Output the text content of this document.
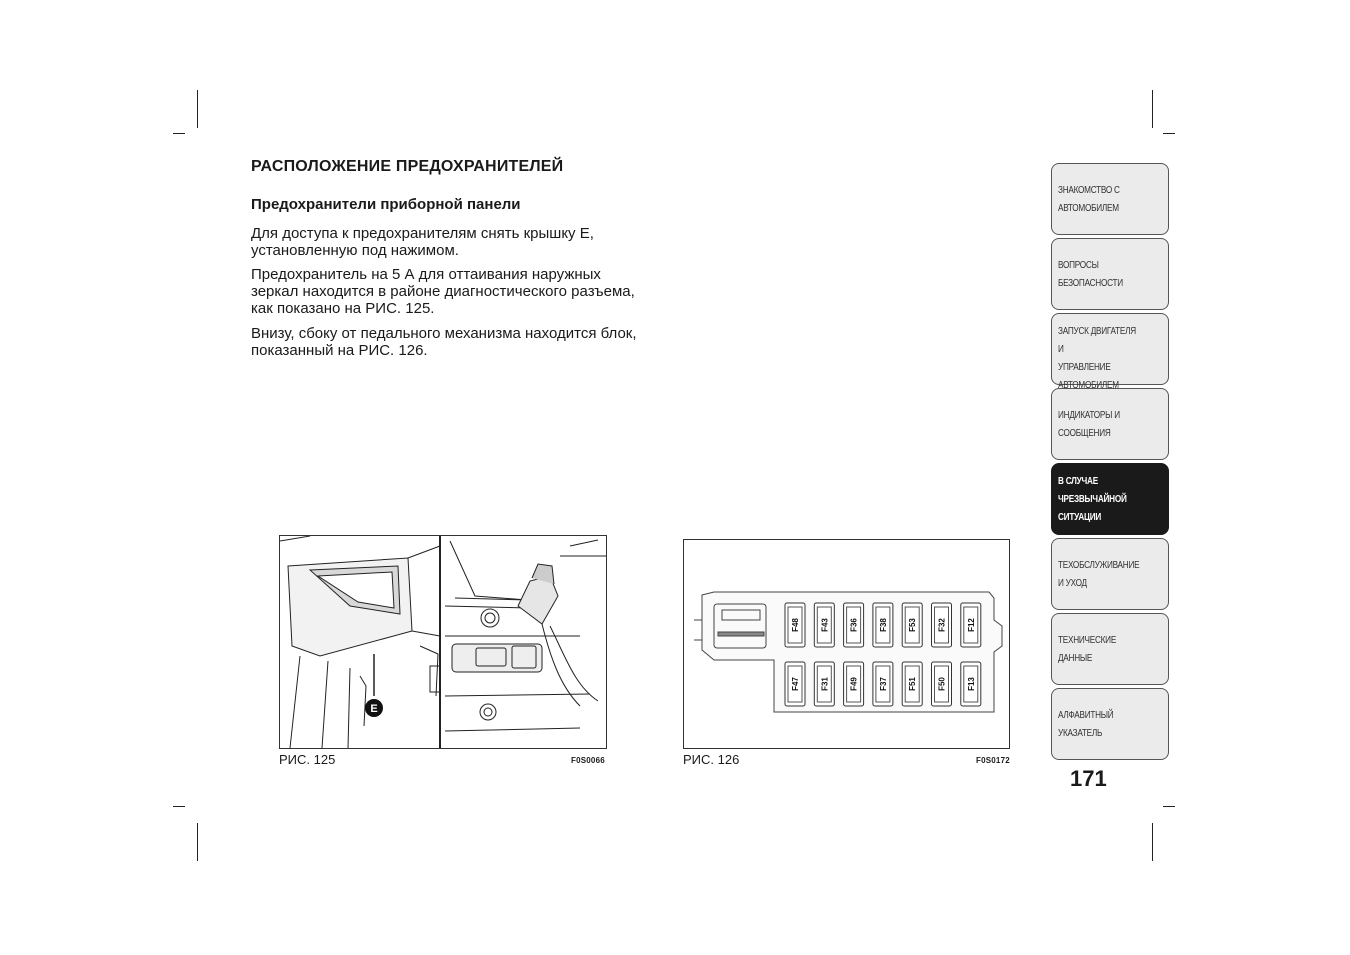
РАСПОЛОЖЕНИЕ ПРЕДОХРАНИТЕЛЕЙ
Предохранители приборной панели

Для доступа к предохранителям снять крышку Е, установленную под нажимом.

Предохранитель на 5 А для оттаивания наружных зеркал находится в районе диагностического разъема, как показано на РИС. 125.

Внизу, сбоку от педального механизма находится блок, показанный на РИС. 126.

E
РИС. 125	F0S0066
F48	F43	F36	F38	F53	F32	F12
F47	F31	F49	F37	F51	F50	F13
РИС. 126	F0S0172
ЗНАКОМСТВО С
АВТОМОБИЛЕМ
ВОПРОСЫ
БЕЗОПАСНОСТИ
ЗАПУСК ДВИГАТЕЛЯ И
УПРАВЛЕНИЕ
АВТОМОБИЛЕМ
ИНДИКАТОРЫ И
СООБЩЕНИЯ
В СЛУЧАЕ
ЧРЕЗВЫЧАЙНОЙ
СИТУАЦИИ
ТЕХОБСЛУЖИВАНИЕ
И УХОД
ТЕХНИЧЕСКИЕ
ДАННЫЕ
АЛФАВИТНЫЙ
УКАЗАТЕЛЬ
171
